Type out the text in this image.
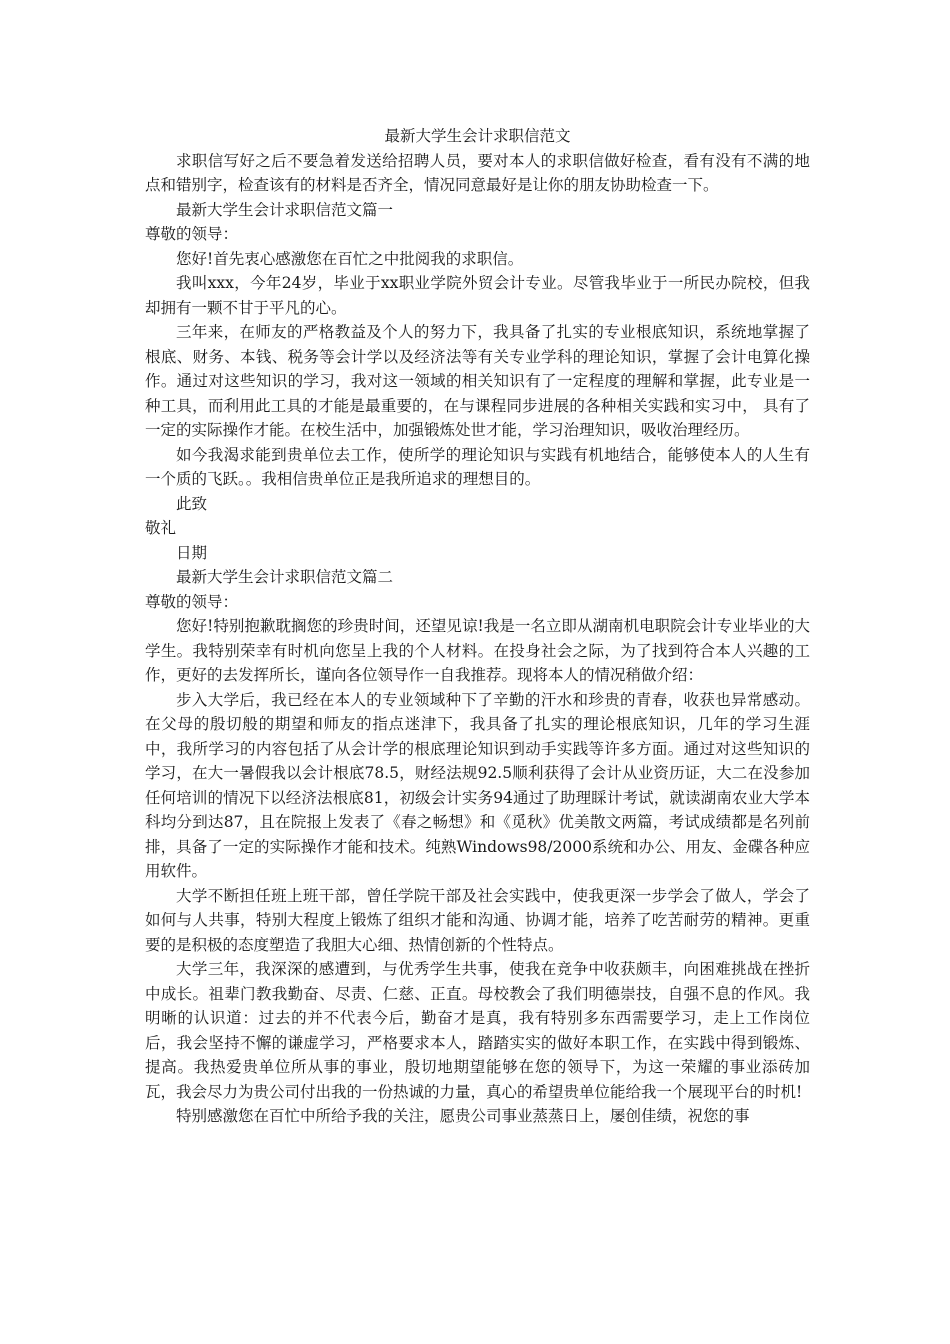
最新大学生会计求职信范文

求职信写好之后不要急着发送给招聘人员，要对本人的求职信做好检查，看有没有不满的地点和错别字，检查该有的材料是否齐全，情况同意最好是让你的朋友协助检查一下。

最新大学生会计求职信范文篇一

尊敬的领导：

您好!首先衷心感激您在百忙之中批阅我的求职信。

我叫xxx，今年24岁，毕业于xx职业学院外贸会计专业。尽管我毕业于一所民办院校，但我却拥有一颗不甘于平凡的心。

三年来，在师友的严格教益及个人的努力下，我具备了扎实的专业根底知识，系统地掌握了根底、财务、本钱、税务等会计学以及经济法等有关专业学科的理论知识，掌握了会计电算化操作。通过对这些知识的学习，我对这一领域的相关知识有了一定程度的理解和掌握，此专业是一种工具，而利用此工具的才能是最重要的，在与课程同步进展的各种相关实践和实习中， 具有了一定的实际操作才能。在校生活中，加强锻炼处世才能，学习治理知识，吸收治理经历。

如今我渴求能到贵单位去工作，使所学的理论知识与实践有机地结合，能够使本人的人生有一个质的飞跃。。我相信贵单位正是我所追求的理想目的。

此致

敬礼

日期

最新大学生会计求职信范文篇二

尊敬的领导：

您好!特别抱歉耽搁您的珍贵时间，还望见谅!我是一名立即从湖南机电职院会计专业毕业的大学生。我特别荣幸有时机向您呈上我的个人材料。在投身社会之际，为了找到符合本人兴趣的工作，更好的去发挥所长，谨向各位领导作一自我推荐。现将本人的情况稍做介绍：

步入大学后，我已经在本人的专业领域种下了辛勤的汗水和珍贵的青春，收获也异常感动。在父母的殷切般的期望和师友的指点迷津下，我具备了扎实的理论根底知识，几年的学习生涯中，我所学习的内容包括了从会计学的根底理论知识到动手实践等许多方面。通过对这些知识的学习，在大一暑假我以会计根底78.5，财经法规92.5顺利获得了会计从业资历证，大二在没参加任何培训的情况下以经济法根底81，初级会计实务94通过了助理睬计考试，就读湖南农业大学本科均分到达87，且在院报上发表了《春之畅想》和《觅秋》优美散文两篇，考试成绩都是名列前排，具备了一定的实际操作才能和技术。纯熟Windows98/2000系统和办公、用友、金碟各种应用软件。

大学不断担任班上班干部，曾任学院干部及社会实践中，使我更深一步学会了做人，学会了如何与人共事，特别大程度上锻炼了组织才能和沟通、协调才能，培养了吃苦耐劳的精神。更重要的是积极的态度塑造了我胆大心细、热情创新的个性特点。

大学三年，我深深的感遭到，与优秀学生共事，使我在竞争中收获颇丰，向困难挑战在挫折中成长。祖辈门教我勤奋、尽责、仁慈、正直。母校教会了我们明德崇技，自强不息的作风。我明晰的认识道：过去的并不代表今后，勤奋才是真，我有特别多东西需要学习，走上工作岗位后，我会坚持不懈的谦虚学习，严格要求本人，踏踏实实的做好本职工作，在实践中得到锻炼、提高。我热爱贵单位所从事的事业，殷切地期望能够在您的领导下，为这一荣耀的事业添砖加瓦，我会尽力为贵公司付出我的一份热诚的力量，真心的希望贵单位能给我一个展现平台的时机!

特别感激您在百忙中所给予我的关注，愿贵公司事业蒸蒸日上，屡创佳绩，祝您的事
